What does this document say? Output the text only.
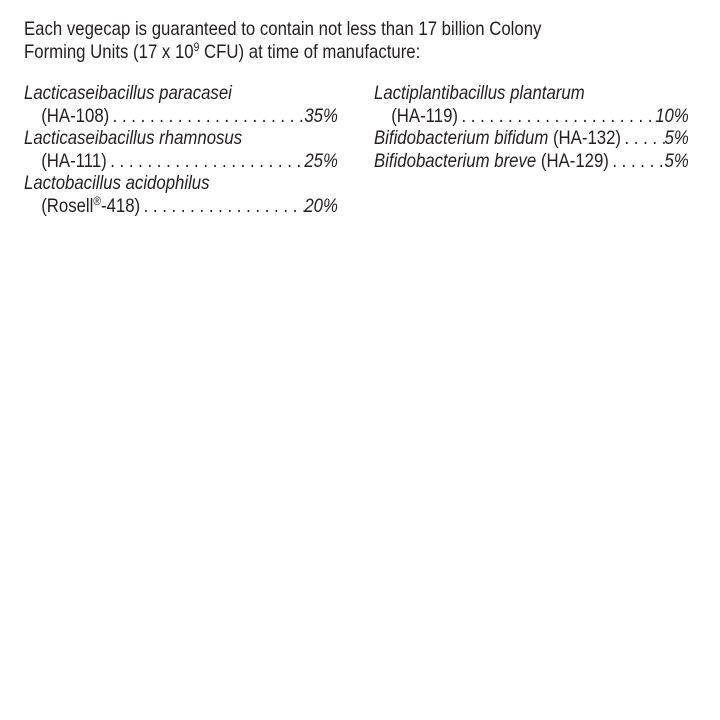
Each vegecap is guaranteed to contain not less than 17 billion Colony
Forming Units (17 x $10^9$ CFU) at time of manufacture:
Lacticaseibacillus paracasei
(HA-108) . . .	35%
Lacticaseibacillus rhamnosus
(HA-111) . . .	25%
Lactobacillus acidophilus
(Rosell®-418) . . .	20%
Lactiplantibacillus plantarum
(HA-119) . . .	10%
Bifidobacterium bifidum
(HA-132) . . . 5%
Bifidobacterium breve
(HA-129) . . .	5%
